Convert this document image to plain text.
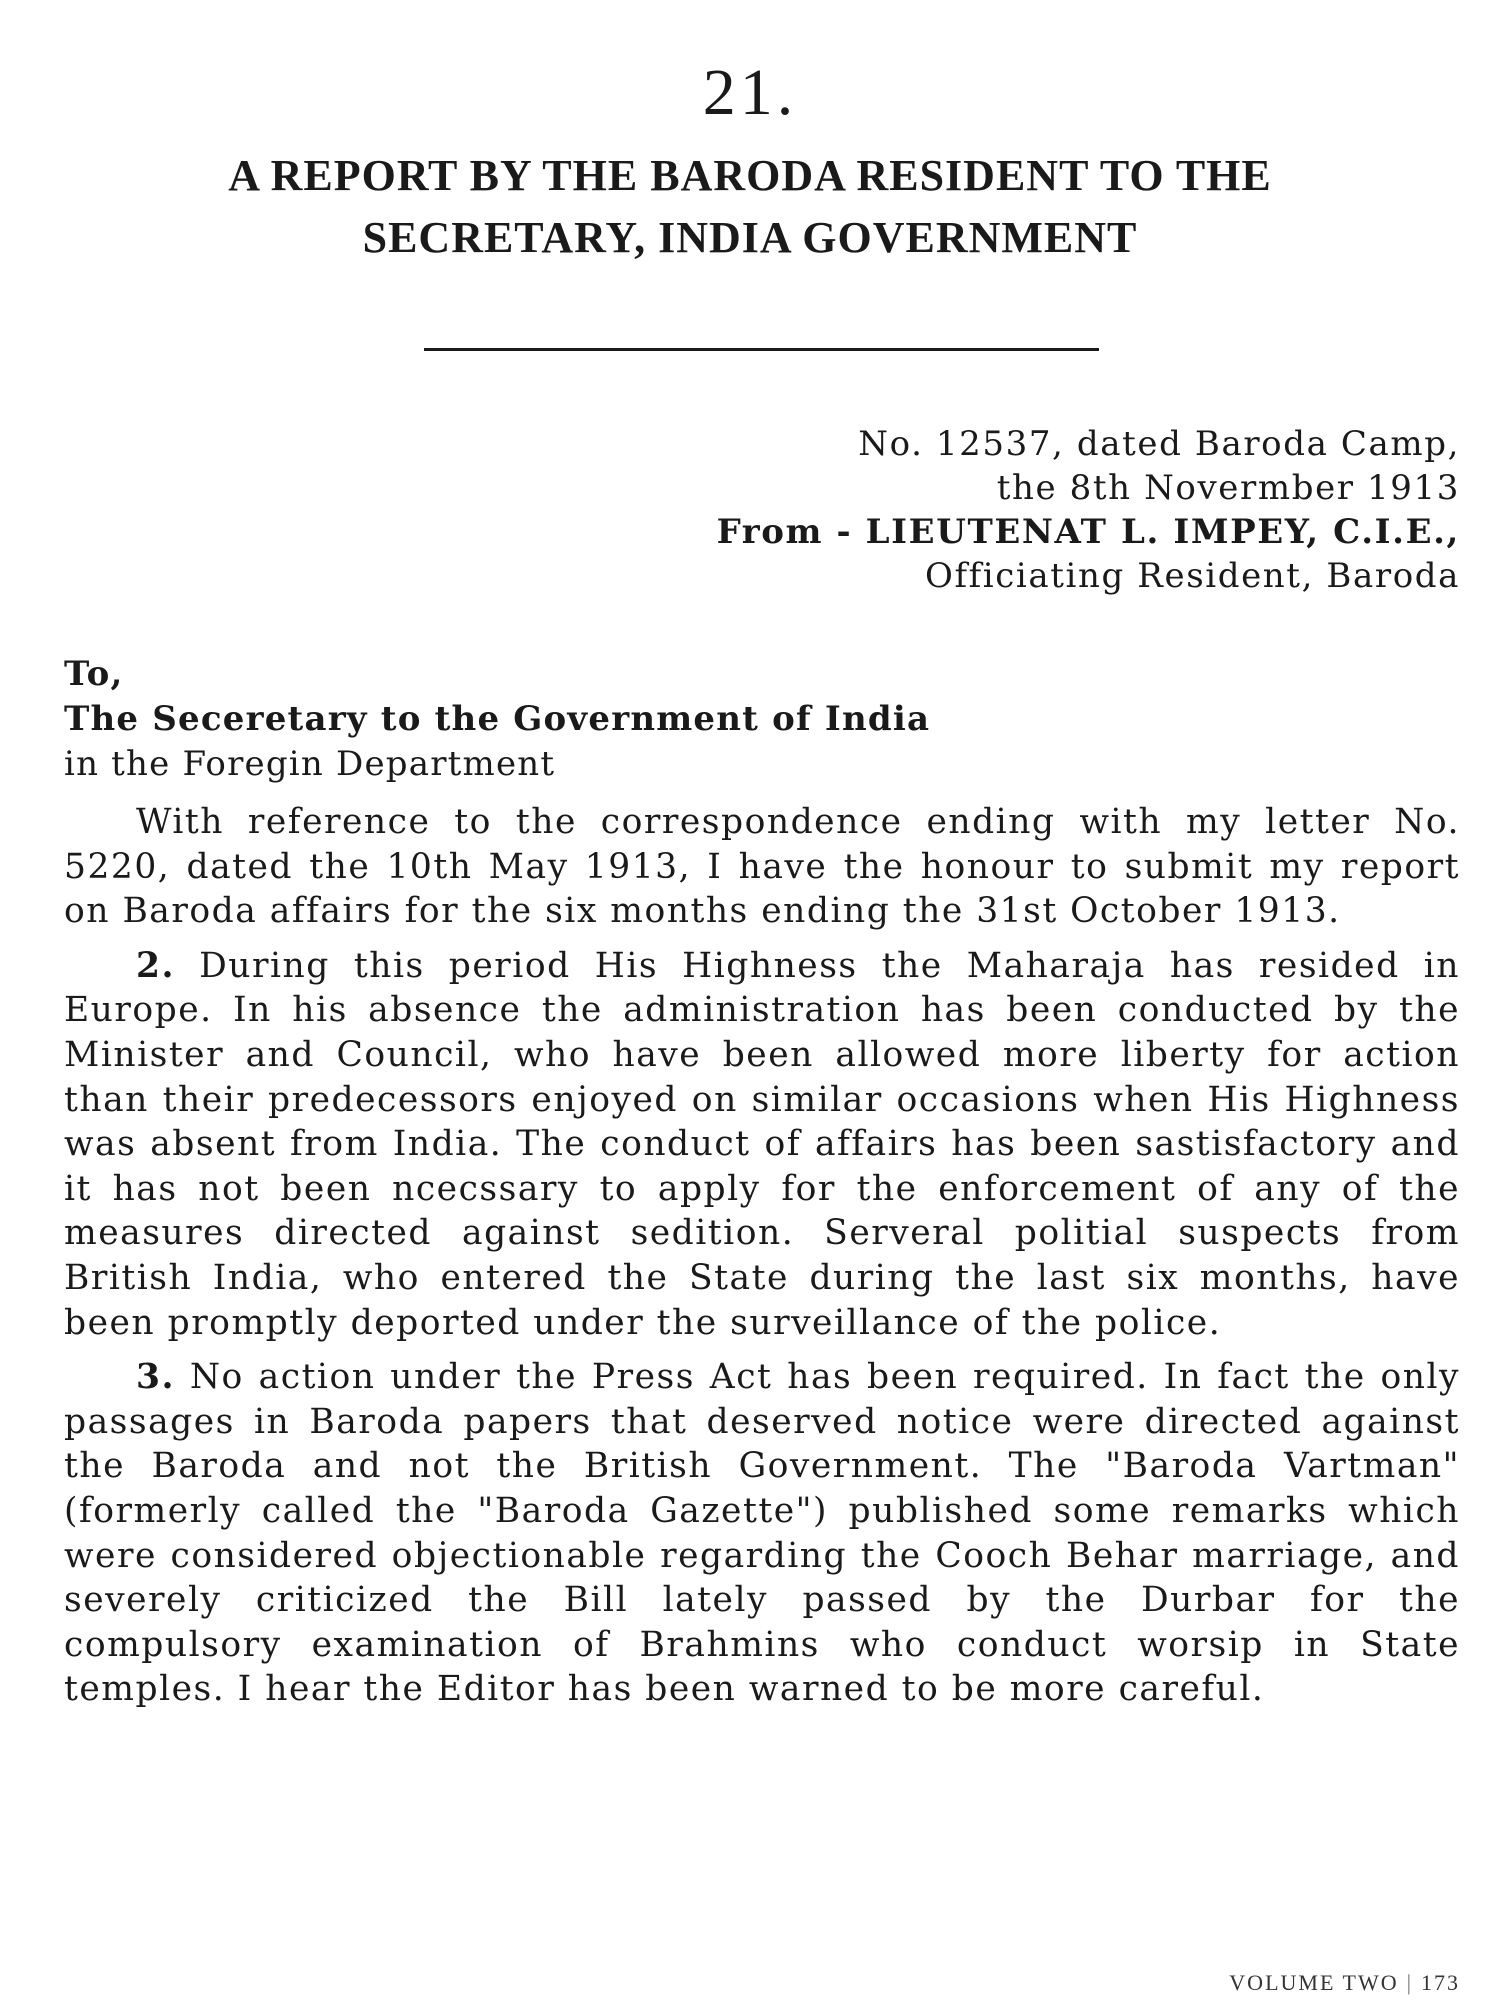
21.
A REPORT BY THE BARODA RESIDENT TO THE
SECRETARY, INDIA GOVERNMENT
No. 12537, dated Baroda Camp,
the 8th Novermber 1913
From - LIEUTENAT L. IMPEY, C.I.E.,
Officiating Resident, Baroda
To,
The Seceretary to the Government of India
in the Foregin Department

With reference to the correspondence ending with my letter No. 5220, dated the 10th May 1913, I have the honour to submit my report on Baroda affairs for the six months ending the 31st October 1913.

2. During this period His Highness the Maharaja has resided in Europe. In his absence the administration has been conducted by the Minister and Council, who have been allowed more liberty for action than their predecessors enjoyed on similar occasions when His Highness was absent from India. The conduct of affairs has been sastisfactory and it has not been ncecssary to apply for the enforcement of any of the measures directed against sedition. Serveral politial suspects from British India, who entered the State during the last six months, have been promptly deported under the surveillance of the police.

3. No action under the Press Act has been required. In fact the only passages in Baroda papers that deserved notice were directed against the Baroda and not the British Government. The "Baroda Vartman" (formerly called the "Baroda Gazette") published some remarks which were considered objectionable regarding the Cooch Behar marriage, and severely criticized the Bill lately passed by the Durbar for the compulsory examination of Brahmins who conduct worsip in State temples. I hear the Editor has been warned to be more careful.

VOLUME TWO | 173
